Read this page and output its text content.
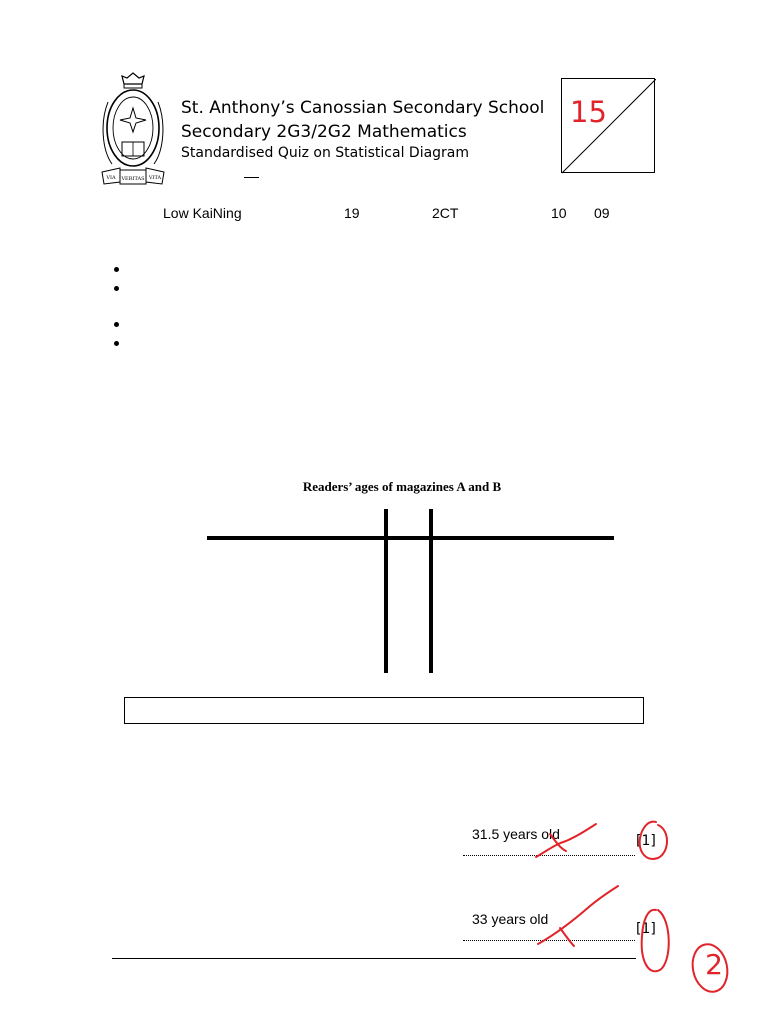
VIA VERITAS VITA
St. Anthony’s Canossian Secondary School
Secondary 2G3/2G2 Mathematics
Standardised Quiz on Statistical Diagram
15
Low KaiNing	19	2CT	10 09
Readers’ ages of magazines A and B
31.5 years old	[1]
33 years old
[1]
2
